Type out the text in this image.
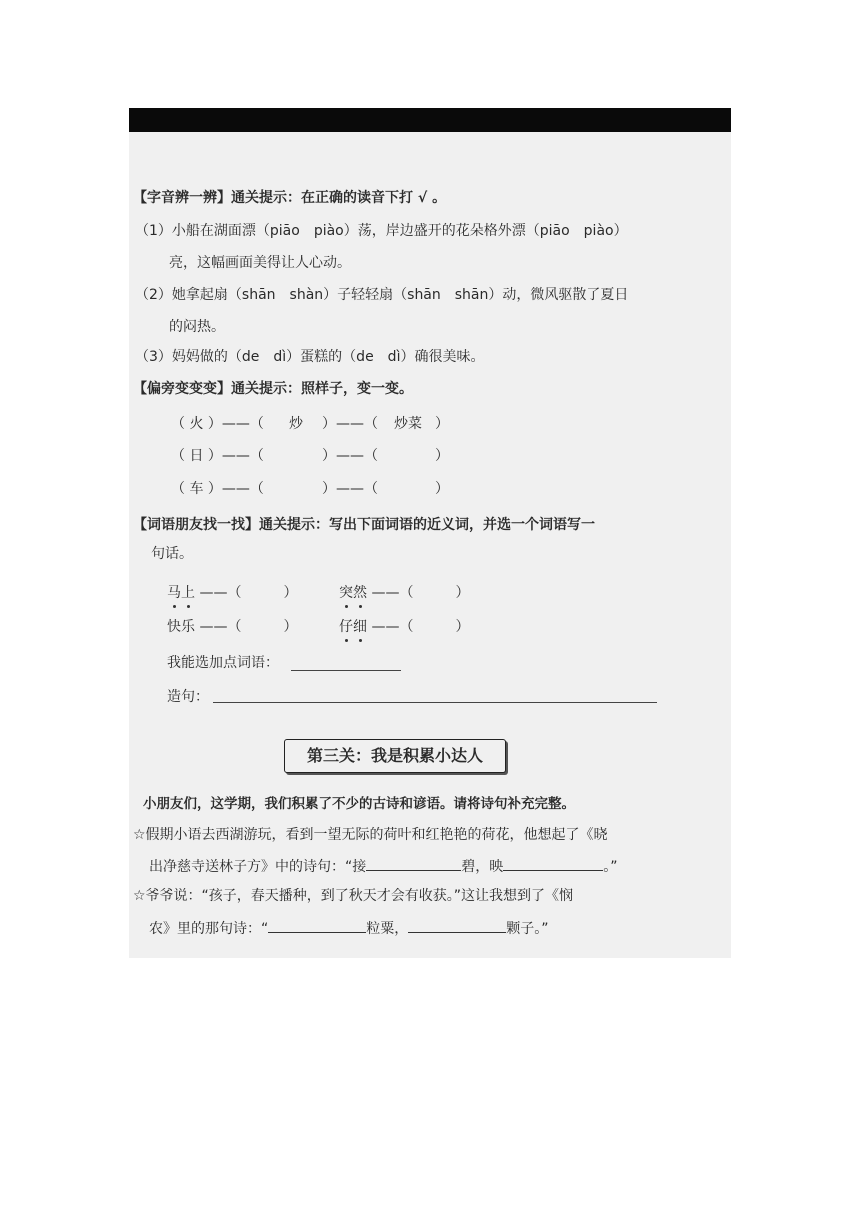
【字音辨一辨】通关提示：在正确的读音下打 √ 。
（1）小船在湖面漂（piāo　piào）荡，岸边盛开的花朵格外漂（piāo　piào）
亮，这幅画面美得让人心动。
（2）她拿起扇（shān　shàn）子轻轻扇（shān　shān）动，微风驱散了夏日
的闷热。
（3）妈妈做的（de　dì）蛋糕的（de　dì）确很美味。
【偏旁变变变】通关提示：照样子，变一变。
（ 火 ）——（ 炒 ）——（ 炒菜 ）
（ 日 ）——（	）——（	）
（ 车 ）——（	）——（	）
【词语朋友找一找】通关提示：写出下面词语的近义词，并选一个词语写一
句话。
马上 ——（　　　）	突然 ——（　　　）
快乐 ——（　　　）	仔细 ——（　　　）
我能选加点词语：
造句：
第三关：我是积累小达人
小朋友们，这学期，我们积累了不少的古诗和谚语。请将诗句补充完整。
☆假期小语去西湖游玩，看到一望无际的荷叶和红艳艳的荷花，他想起了《晓
出净慈寺送林子方》中的诗句：“接	碧，映	。”
☆爷爷说：“孩子，春天播种，到了秋天才会有收获。”这让我想到了《悯
农》里的那句诗：“	粒粟，	颗子。”
